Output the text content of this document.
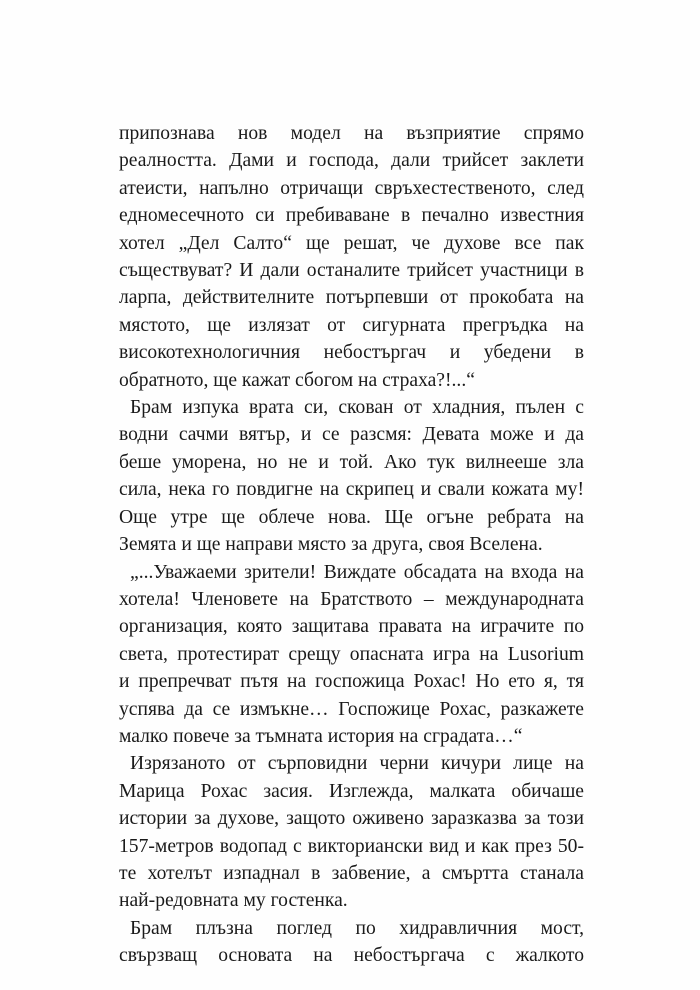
припознава нов модел на възприятие спрямо
реалността. Дами и господа, дали трийсет заклети
атеисти, напълно отричащи свръхестественото, след
едномесечното си пребиваване в печално известния
хотел „Дел Салто“ ще решат, че духове все пак
съществуват? И дали останалите трийсет участници в
ларпа, действителните потърпевши от прокобата на
мястото, ще излязат от сигурната прегръдка на
високотехнологичния небостъргач и убедени в
обратното, ще кажат сбогом на страха?!...“

Брам изпука врата си, скован от хладния, пълен с
водни сачми вятър, и се разсмя: Девата може и да
беше уморена, но не и той. Ако тук вилнееше зла
сила, нека го повдигне на скрипец и свали кожата му!
Още утре ще облече нова. Ще огъне ребрата на
Земята и ще направи място за друга, своя Вселена.

„...Уважаеми зрители! Виждате обсадата на входа на
хотела! Членовете на Братството – международната
организация, която защитава правата на играчите по
света, протестират срещу опасната игра на Lusorium
и препречват пътя на госпожица Рохас! Но ето я, тя
успява да се измъкне… Госпожице Рохас, разкажете
малко повече за тъмната история на сградата…“

Изрязаното от сърповидни черни кичури лице на
Марица Рохас засия. Изглежда, малката обичаше
истории за духове, защото оживено заразказва за този
157-метров водопад с викториански вид и как през 50-
те хотелът изпаднал в забвение, а смъртта станала
най-редовната му гостенка.

Брам плъзна поглед по хидравличния мост,
свързващ основата на небостъргача с жалкото
